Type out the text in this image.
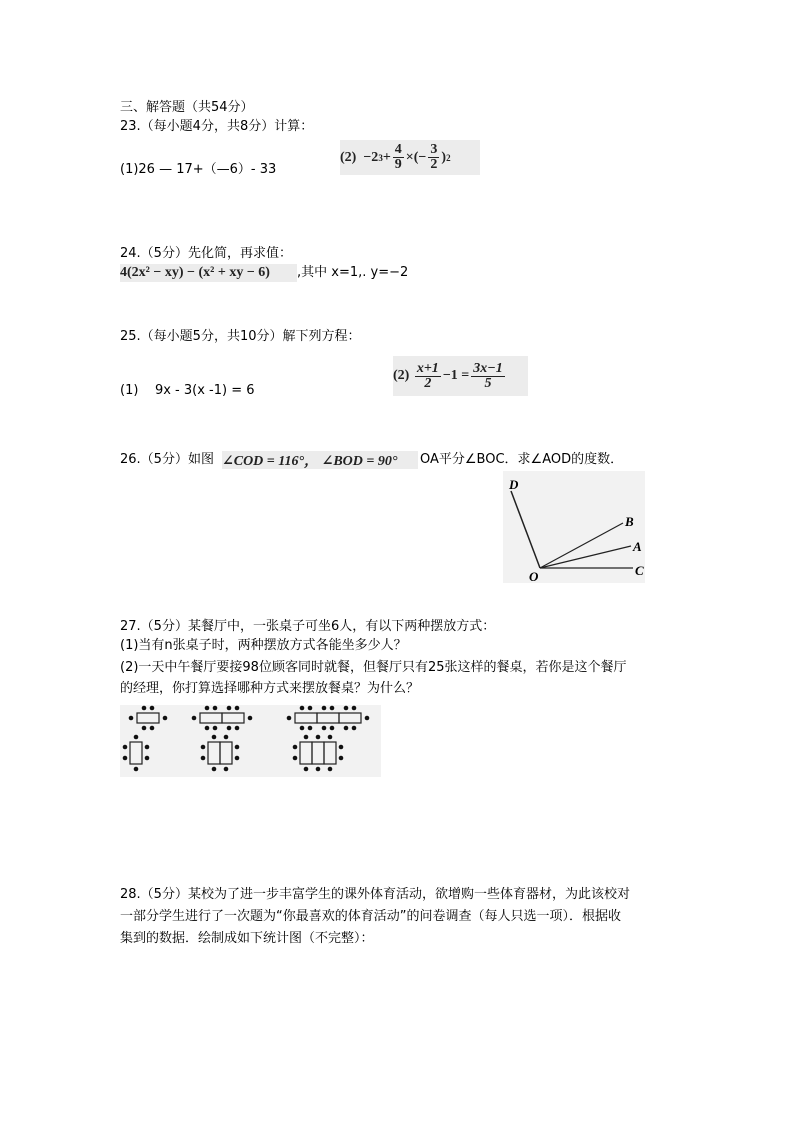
三、解答题（共54分）
23.（每小题4分，共8分）计算：
(1)26 — 17+（—6）- 33
(2)
−2 $3 + \frac{4}{9}$ ×(− $\frac{3}{2}$ ) 2
24.（5分）先化简，再求值：
4(2x² − xy) − (x² + xy − 6)	,其中 x=1,. y=−2
25.（每小题5分，共10分）解下列方程：
(1) 9x - 3(x -1) = 6
(2)
$\frac{x+1}{2} -1 = \frac{3x-1}{5}$
26.（5分）如图 ∠COD = 116°， ∠BOD = 90°	OA平分∠BOC．求∠AOD的度数．
D
B
A
O	C
27.（5分）某餐厅中，一张桌子可坐6人，有以下两种摆放方式：
(1)当有n张桌子时，两种摆放方式各能坐多少人？
(2)一天中午餐厅要接98位顾客同时就餐，但餐厅只有25张这样的餐桌，若你是这个餐厅
的经理，你打算选择哪种方式来摆放餐桌？为什么？
28.（5分）某校为了进一步丰富学生的课外体育活动，欲增购一些体育器材，为此该校对
一部分学生进行了一次题为“你最喜欢的体育活动”的问卷调查（每人只选一项）．根据收
集到的数据．绘制成如下统计图（不完整）：
